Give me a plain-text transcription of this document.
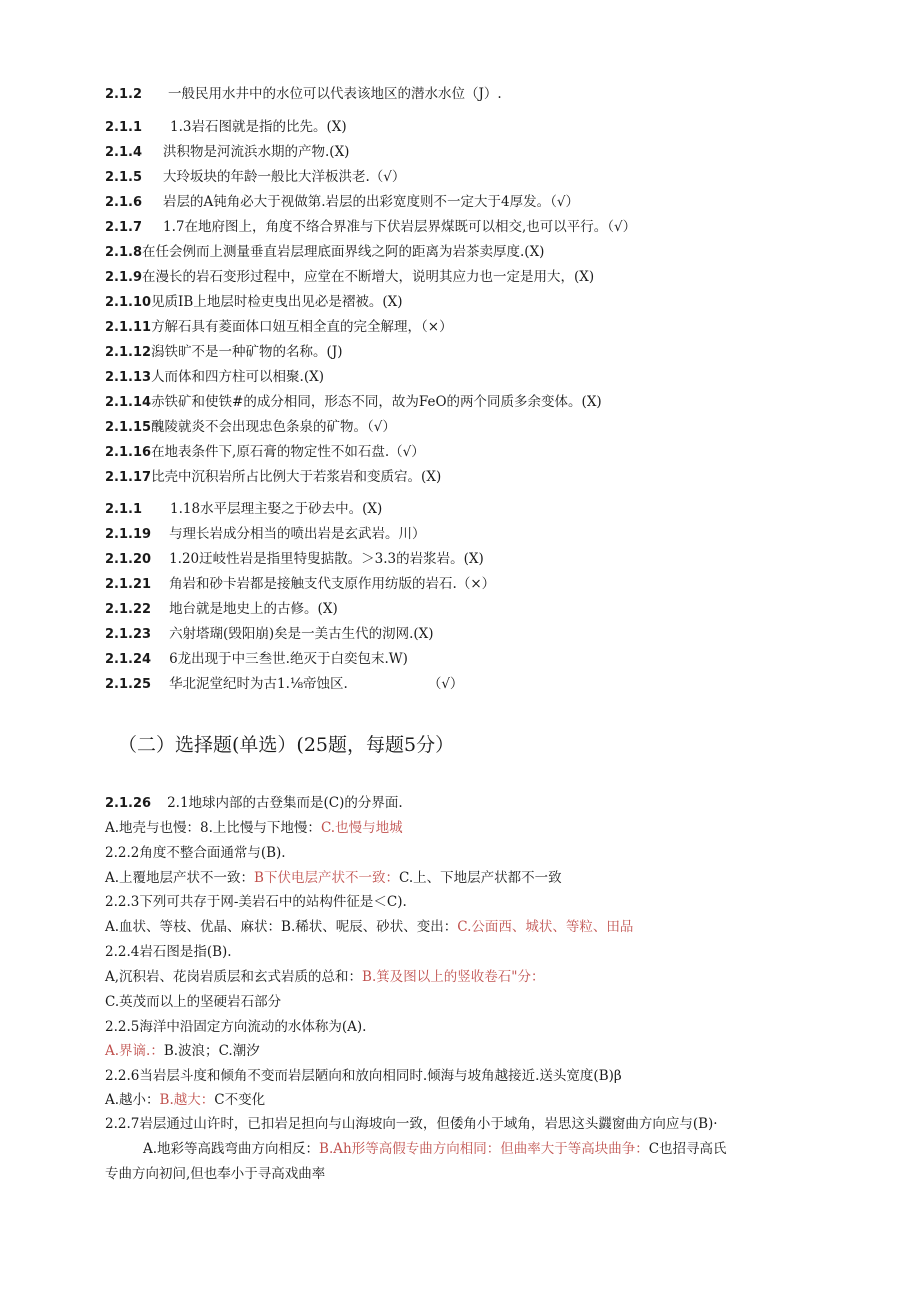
2.1.2 一般民用水井中的水位可以代表该地区的潜水水位（J）.
2.1.1 1.3岩石图就是指的比先。(X)
2.1.4 洪积物是河流浜水期的产物.(X)
2.1.5 大玲坂块的年龄一般比大洋板洪老.（√）
2.1.6 岩层的A钝角必大于视做第.岩层的出彩宽度则不一定大于4厚发。（√）
2.1.7 1.7在地府图上，角度不络合界准与下伏岩层界煤既可以相交,也可以平行。（√）
2.1.8在任会例而上测量垂直岩层理底面界线之阿的距离为岩茶卖厚度.(X)
2.1.9在漫长的岩石变形过程中，应堂在不断增大，说明其应力也一定是用大，(X)
2.1.10见质IB上地层时检吏曳出见必是褶被。(X)
2.1.11方解石具有菱面体口妞互相全直的完全解理，（×）
2.1.12潟铁旷不是一种矿物的名称。(J)
2.1.13人而体和四方柱可以相聚.(X)
2.1.14赤铁矿和使铁#的成分相同，形态不同，故为FeO的两个同质多余变体。(X)
2.1.15醜陵就炎不会出现忠色条泉的矿物。（√）
2.1.16在地表条件下,原石膏的物定性不如石盘.（√）
2.1.17比壳中沉积岩所占比例大于若浆岩和变质宕。(X)
2.1.1 1.18水平层理主娶之于砂去中。(X)
2.1.19 与理长岩成分相当的喷出岩是玄武岩。川）
2.1.20 1.20迂岐性岩是指里特叟掂散。＞3.3的岩浆岩。(X)
2.1.21 角岩和砂卡岩都是接触支代支原作用纺版的岩石.（×）
2.1.22 地台就是地史上的古修。(X)
2.1.23 六射塔瑚(毁阳崩)矣是一美古生代的沏网.(X)
2.1.24 6龙出现于中三叁世.绝灭于白奕包末.W)
2.1.25 华北泥堂纪时为古1.⅛帝蚀区.	（√）
（二）选择题(单选）(25题，每题5分）
2.1.26 2.1地球内部的古登集而是(C)的分界面.
A.地壳与也慢：8.上比慢与下地慢：C.也慢与地城
2.2.2角度不整合面通常与(B).
A.上覆地层产状不一致：B下伏电层产状不一致：C.上、下地层产状都不一致
2.2.3下列可共存于网-美岩石中的站构件征是＜C).
A.血状、等枝、优晶、麻状：B.稀状、呢辰、砂状、变出：C.公面西、城状、等粒、田品
2.2.4岩石图是指(B).
A,沉积岩、花岗岩质层和玄式岩质的总和：B.箕及图以上的竖收卷石"分：
C.英茂而以上的坚硬岩石部分
2.2.5海洋中沿固定方向流动的水体称为(A).
A.界谪.：B.波浪；C.潮汐
2.2.6当岩层斗度和倾角不变而岩层陋向和放向相同时.倾海与坡角越接近.送头宽度(B)β
A.越小：B.越大：C不变化
2.2.7岩层通过山许时，已扣岩足担向与山海坡向一致，但倭角小于域角，岩思这头鼝窗曲方向应与(B)·
A.地彩等高践弯曲方向相反：B.Ah形等高假专曲方向相同：但曲率大于等高块曲争：C也招寻高氏
专曲方向初问,但也奉小于寻高戏曲率
